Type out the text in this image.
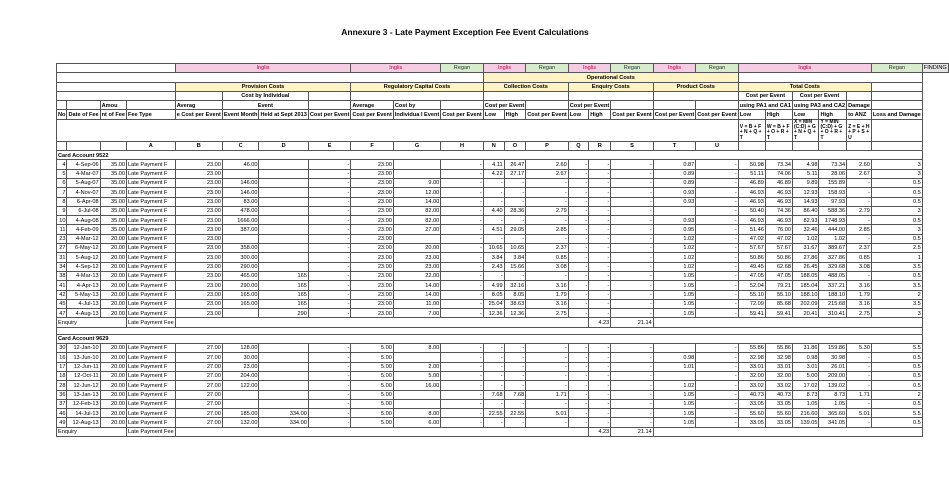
Annexure 3 - Late Payment Exception Fee Event Calculations
				Inglis				Inglis		Regan	Inglis		Regan	Inglis		Regan	Inglis	Regan	Inglis					Regan	FINDING
											Operational Costs														
				Provision Costs				Regulatory Capital Costs			Collection Costs			Enquiry Costs			Product Costs		Total Costs						
					Cost by Individual														Cost per Event		Cost per Event				
		Amou		Averag	Event			Average	Cost by		Cost per Event			Cost per Event					using PA1 and CA1		using PA3 and CA2		Damage		
No	Date of Fee	nt of Fee	Fee Type	e Cost per Event	Event Month	Held at Sept 2013	Cost per Event	Cost per Event	Individua l Event	Cost per Event	Low	High	Cost per Event	Low	High	Cost per Event	Cost per Event	Cost per Event	Low	High	Low	High	to ANZ	Loss and Damage	
																			V = B + F + N + Q + T	W = B + F + O + R + T	X = MIN (C:D) + G + N + Q + T	Y = MIN (C:D) + G + O + R + T	Z = E + H + P + S + U		
			A	B	C	D	E	F	G	H	N	O	P	Q	R	S	T	U							
Card Account 9522																									
4	4-Sep-06	35.00	Late Payment F	23.00	46.00		-	23.00		-	4.11	26.47	2.60	-	-	-	0.87	-	50.98	73.34	4.98	73.34	2.60	3	
5	4-Mar-07	35.00	Late Payment F	23.00			-	23.00		-	4.22	27.17	2.67	-	-	-	0.89	-	51.11	74.06	5.11	28.06	2.67	3	
6	5-Aug-07	35.00	Late Payment F	23.00	146.00		-	23.00	9.00	-	-	-	-	-	-	-	0.89	-	46.89	46.89	9.89	155.89	-	0.5	
7	4-Nov-07	35.00	Late Payment F	23.00	146.00		-	23.00	12.00	-	-	-	-	-	-	-	0.93	-	46.93	46.93	12.93	158.93	-	0.5	
8	6-Apr-08	35.00	Late Payment F	23.00	83.00		-	23.00	14.00	-	-	-	-	-	-	-	0.93	-	46.93	46.93	14.93	97.93	-	0.5	
9	6-Jul-08	35.00	Late Payment F	23.00	478.00		-	23.00	82.00	-	4.40	28.36	2.79	-	-	-		-	50.40	74.36	86.40	588.36	2.79	3	
10	4-Aug-08	35.00	Late Payment F	23.00	1666.00		-	23.00	82.00	-	-	-	-	-	-	-	0.93	-	46.93	46.93	82.93	1748.93	-	0.5	
11	4-Feb-09	35.00	Late Payment F	23.00	387.00		-	23.00	27.00	-	4.51	29.05	2.85	-	-	-	0.95	-	51.46	76.00	32.46	444.00	2.85	3	
23	4-Mar-12	20.00	Late Payment F	23.00			-	23.00		-	-	-	-	-	-	-	1.02	-	47.02	47.02	1.02	1.02	-	0.5	
27	6-May-12	20.00	Late Payment F	23.00	358.00		-	23.00	20.00	-	10.65	10.65	2.37	-	-	-	1.02	-	57.67	57.67	31.67	389.67	2.37	2.5	
31	5-Aug-12	20.00	Late Payment F	23.00	300.00		-	23.00	23.00	-	3.84	3.84	0.85	-	-	-	1.02	-	50.86	50.86	27.86	327.86	0.85	1	
34	4-Sep-12	20.00	Late Payment F	23.00	290.00		-	23.00	23.00	-	2.43	15.66	3.08	-	-	-	1.02	-	49.45	62.68	26.45	329.68	3.08	3.5	
38	4-Mar-13	20.00	Late Payment F	23.00	465.00	165	-	23.00	22.00	-	-	-	-	-	-	-	1.05	-	47.05	47.05	188.05	488.05	-	0.5	
41	4-Apr-13	20.00	Late Payment F	23.00	290.00	165	-	23.00	14.00	-	4.99	32.16	3.16	-	-	-	1.05	-	52.04	79.21	185.04	337.21	3.16	3.5	
42	5-May-13	20.00	Late Payment F	23.00	165.00	165	-	23.00	14.00	-	8.05	8.05	1.79	-	-	-	1.05	-	55.10	55.10	188.10	188.10	1.79	2	
45	4-Jul-13	20.00	Late Payment F	23.00	165.00	165	-	23.00	11.00	-	25.04	38.63	3.16	-	-	-	1.05	-	72.09	85.68	202.09	215.68	3.16	3.5	
47	4-Aug-13	20.00	Late Payment F	23.00		290	-	23.00	7.00	-	12.36	12.36	2.75	-	-	-	1.05	-	59.41	59.41	20.41	310.41	2.75	3	
Enquiry			Late Payment Fee												4.23	21.14									

Card Account 9629																									
30	12-Jan-10	20.00	Late Payment F	27.00	128.00		-	5.00	8.00	-	-	-	-	-	-	-		-	55.86	55.86	31.86	159.86	5.30	5.5	
16	13-Jun-10	20.00	Late Payment F	27.00	30.00		-	5.00		-	-	-	-	-	-	-	0.98	-	32.98	32.98	0.98	30.98	-	0.5	
17	12-Jun-11	20.00	Late Payment F	27.00	23.00		-	5.00	2.00	-	-	-	-	-	-	-	1.01	-	33.01	33.01	3.01	26.01	-	0.5	
18	12-Oct-11	20.00	Late Payment F	27.00	204.00		-	5.00	5.00	-	-	-	-	-	-	-		-	32.00	32.00	5.00	209.00	-	0.5	
28	12-Jun-12	20.00	Late Payment F	27.00	122.00		-	5.00	16.00	-	-	-	-	-	-	-	1.02	-	33.02	33.02	17.02	139.02	-	0.5	
36	13-Jan-13	20.00	Late Payment F	27.00			-	5.00		-	7.68	7.68	1.71	-	-	-	1.05	-	40.73	40.73	8.73	8.73	1.71	2	
37	12-Feb-13	20.00	Late Payment F	27.00			-	5.00		-	-	-	-	-	-	-	1.05	-	33.05	33.05	1.05	1.05	-	0.5	
46	14-Jul-13	20.00	Late Payment F	27.00	185.00	334.00	-	5.00	8.00	-	22.55	22.55	5.01	-	-	-	1.05	-	55.60	55.60	216.60	365.60	5.01	5.5	
49	12-Aug-13	20.00	Late Payment F	27.00	132.00	334.00	-	5.00	6.00	-	-	-	-	-	-	-	1.05	-	33.05	33.05	139.05	341.05	-	0.5	
Enquiry			Late Payment Fee												4.23	21.14									
